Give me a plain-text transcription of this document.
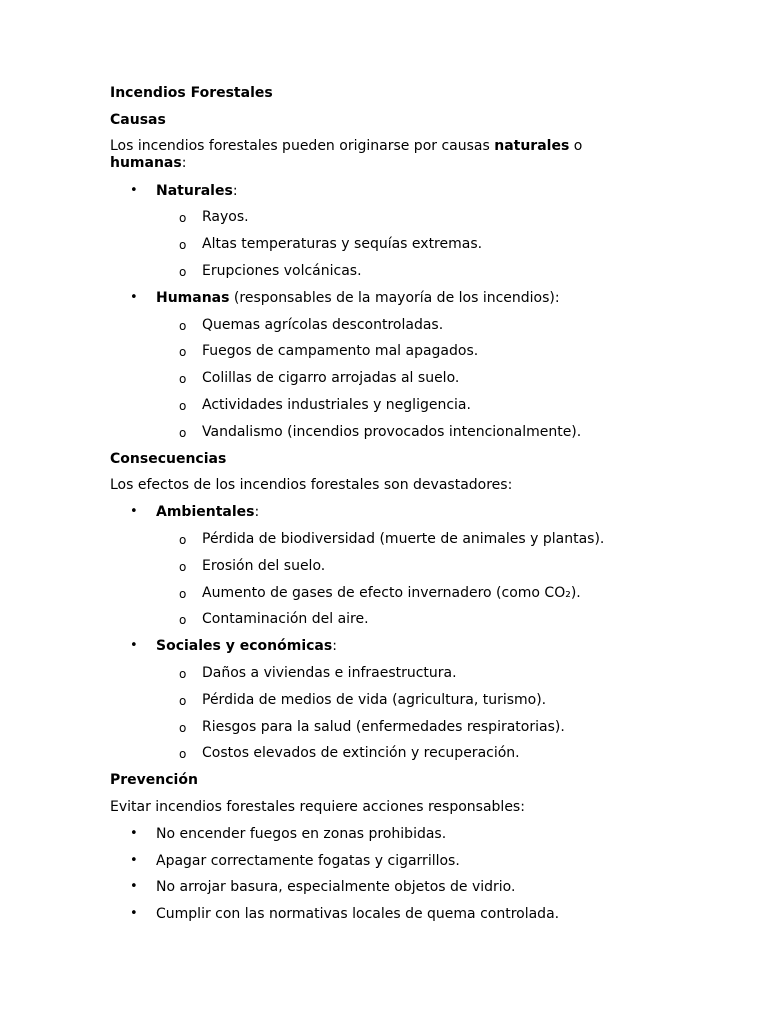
Incendios Forestales
Causas
Los incendios forestales pueden originarse por causas naturales o
humanas:
• Naturales:
o Rayos.
o Altas temperaturas y sequías extremas.
o Erupciones volcánicas.
• Humanas (responsables de la mayoría de los incendios):
o Quemas agrícolas descontroladas.
o Fuegos de campamento mal apagados.
o Colillas de cigarro arrojadas al suelo.
o Actividades industriales y negligencia.
o Vandalismo (incendios provocados intencionalmente).
Consecuencias
Los efectos de los incendios forestales son devastadores:
• Ambientales:
o Pérdida de biodiversidad (muerte de animales y plantas).
o Erosión del suelo.
o Aumento de gases de efecto invernadero (como CO₂).
o Contaminación del aire.
• Sociales y económicas:
o Daños a viviendas e infraestructura.
o Pérdida de medios de vida (agricultura, turismo).
o Riesgos para la salud (enfermedades respiratorias).
o Costos elevados de extinción y recuperación.
Prevención
Evitar incendios forestales requiere acciones responsables:
• No encender fuegos en zonas prohibidas.
• Apagar correctamente fogatas y cigarrillos.
• No arrojar basura, especialmente objetos de vidrio.
• Cumplir con las normativas locales de quema controlada.
